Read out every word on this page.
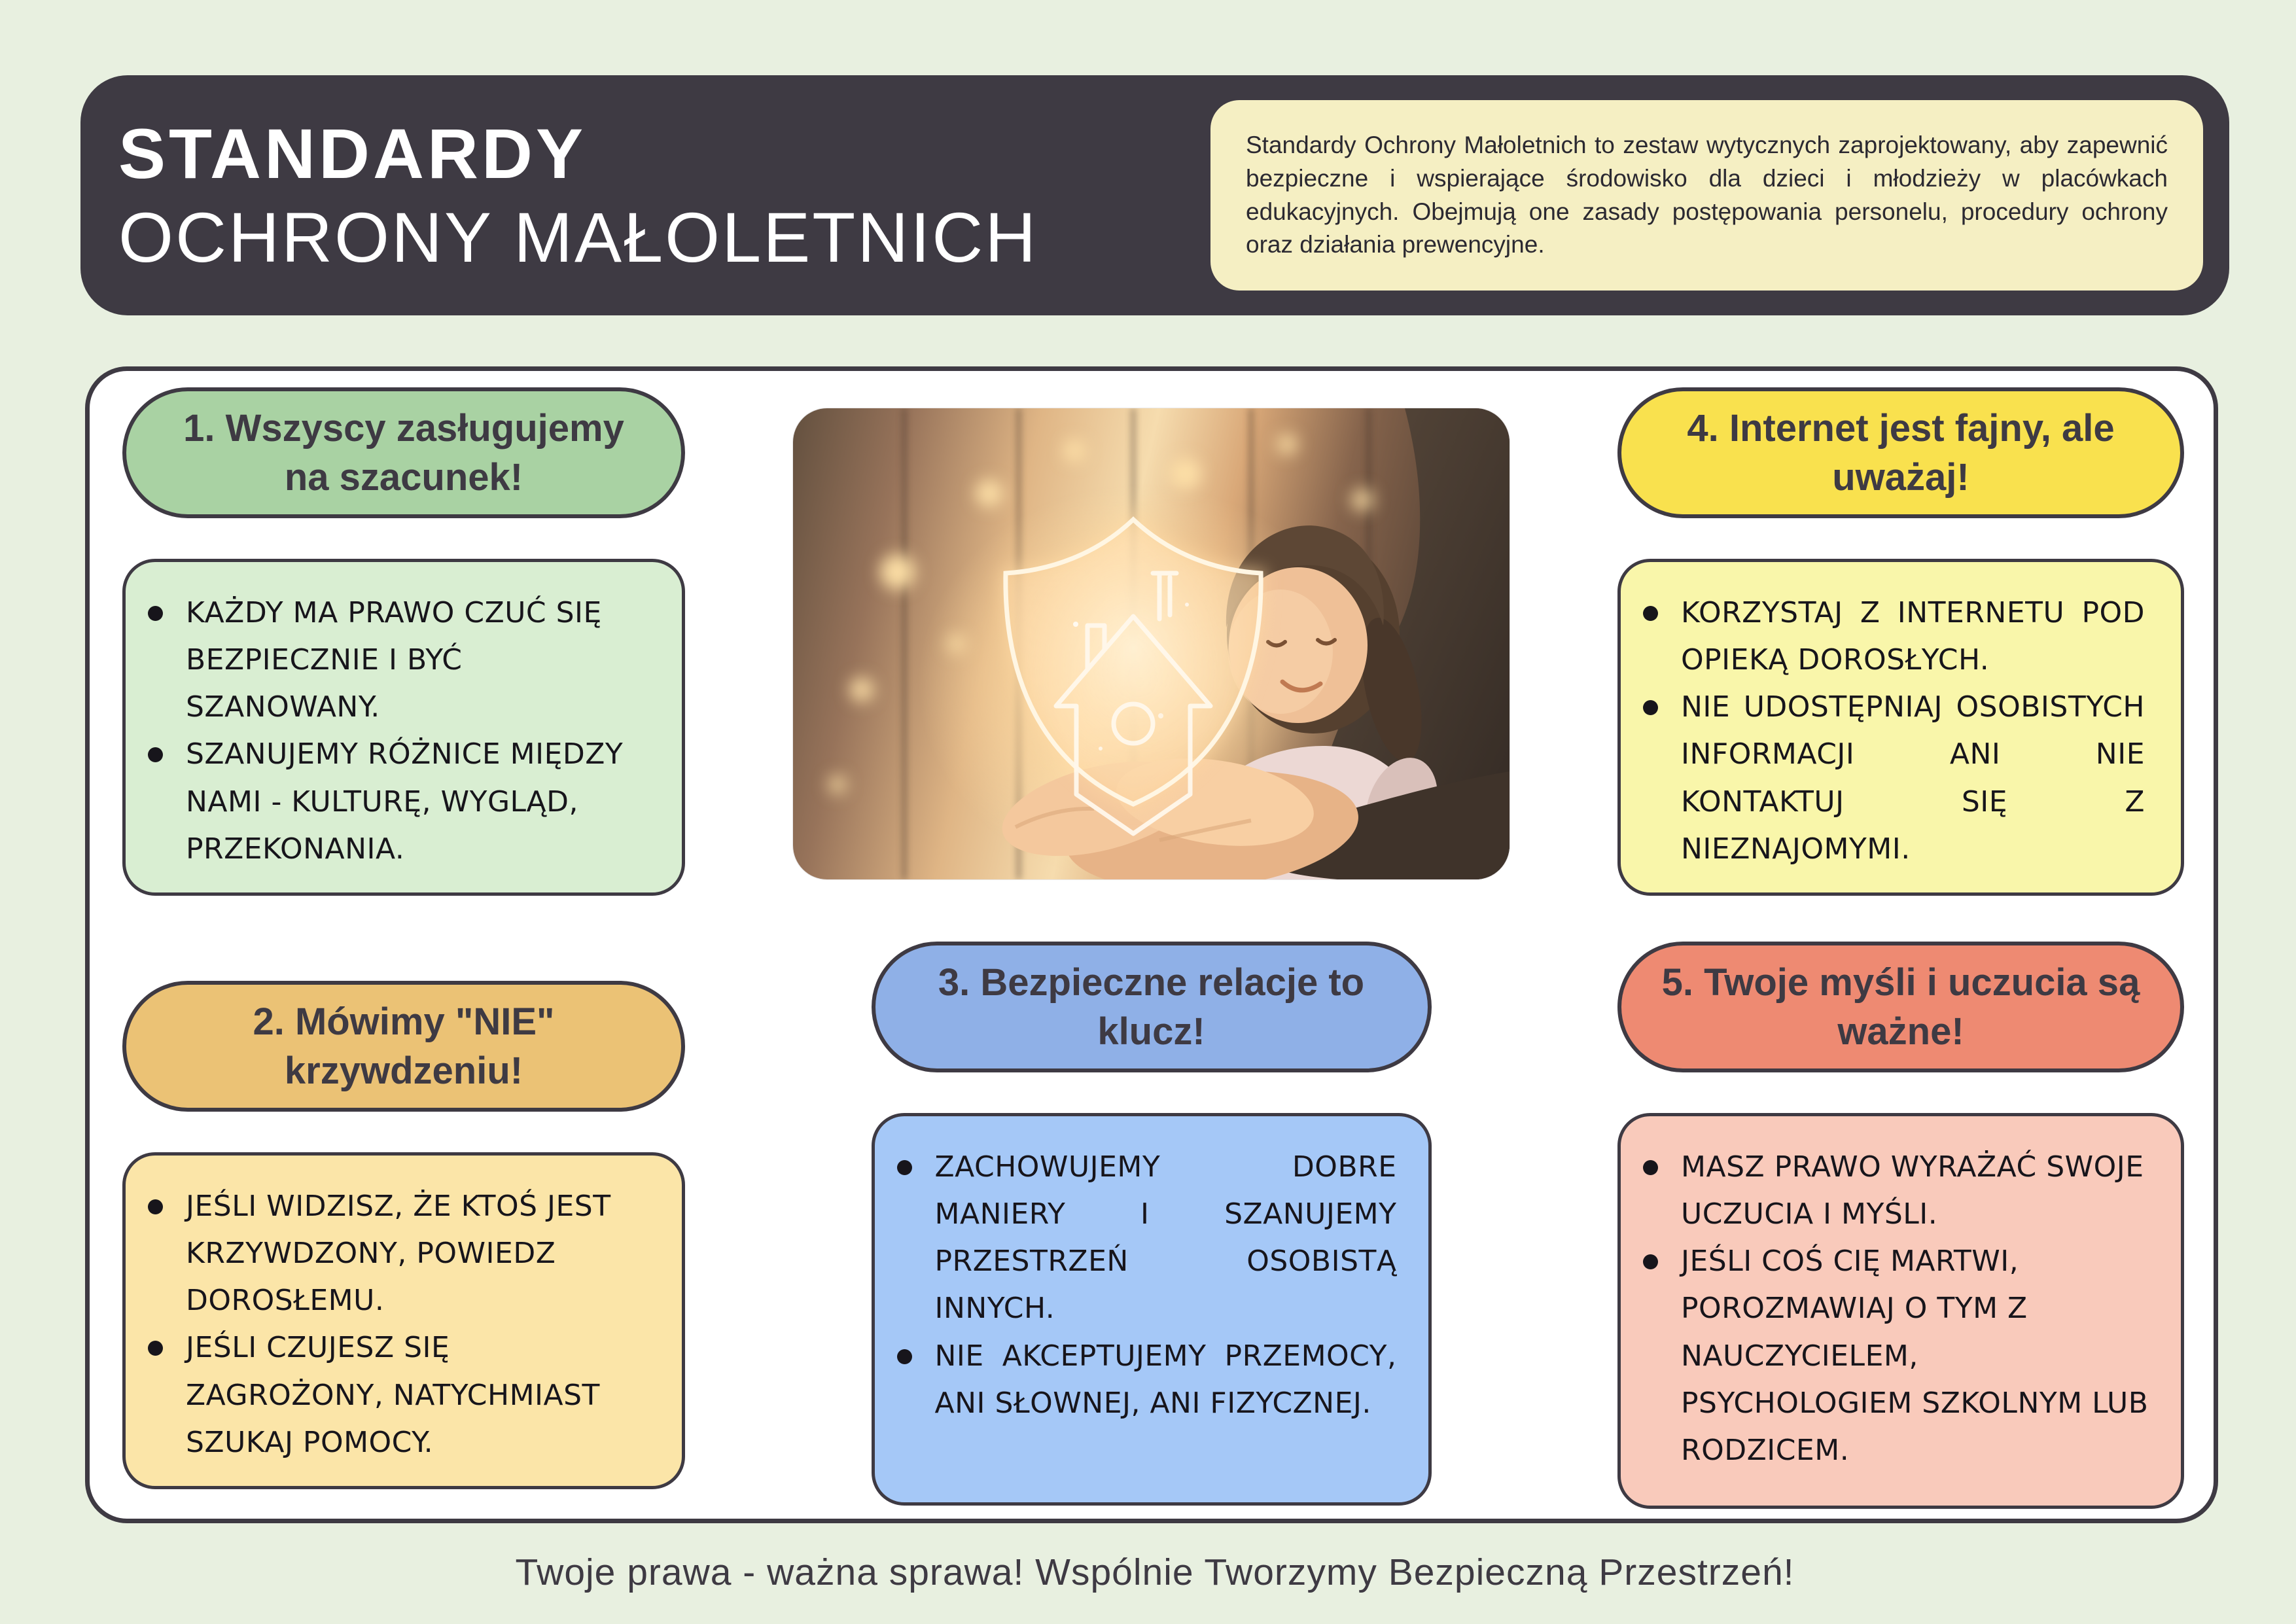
STANDARDY
OCHRONY MAŁOLETNICH
Standardy Ochrony Małoletnich to zestaw wytycznych zaprojektowany, aby zapewnić bezpieczne i wspierające środowisko dla dzieci i młodzieży w placówkach edukacyjnych. Obejmują one zasady postępowania personelu, procedury ochrony oraz działania prewencyjne.
1. Wszyscy zasługujemy na szacunek!
KAŻDY MA PRAWO CZUĆ SIĘ BEZPIECZNIE I BYĆ SZANOWANY.
SZANUJEMY RÓŻNICE MIĘDZY NAMI - KULTURĘ, WYGLĄD, PRZEKONANIA.
4. Internet jest fajny, ale uważaj!
KORZYSTAJ Z INTERNETU POD OPIEKĄ DOROSŁYCH.
NIE UDOSTĘPNIAJ OSOBISTYCH INFORMACJI ANI NIE KONTAKTUJ SIĘ Z NIEZNAJOMYMI.
2. Mówimy "NIE" krzywdzeniu!
JEŚLI WIDZISZ, ŻE KTOŚ JEST KRZYWDZONY, POWIEDZ DOROSŁEMU.
JEŚLI CZUJESZ SIĘ ZAGROŻONY, NATYCHMIAST SZUKAJ POMOCY.
3. Bezpieczne relacje to klucz!
ZACHOWUJEMY DOBRE MANIERY I SZANUJEMY PRZESTRZEŃ OSOBISTĄ INNYCH.
NIE AKCEPTUJEMY PRZEMOCY, ANI SŁOWNEJ, ANI FIZYCZNEJ.
5. Twoje myśli i uczucia są ważne!
MASZ PRAWO WYRAŻAĆ SWOJE UCZUCIA I MYŚLI.
JEŚLI COŚ CIĘ MARTWI, POROZMAWIAJ O TYM Z NAUCZYCIELEM, PSYCHOLOGIEM SZKOLNYM LUB RODZICEM.
Twoje prawa - ważna sprawa! Wspólnie Tworzymy Bezpieczną Przestrzeń!
